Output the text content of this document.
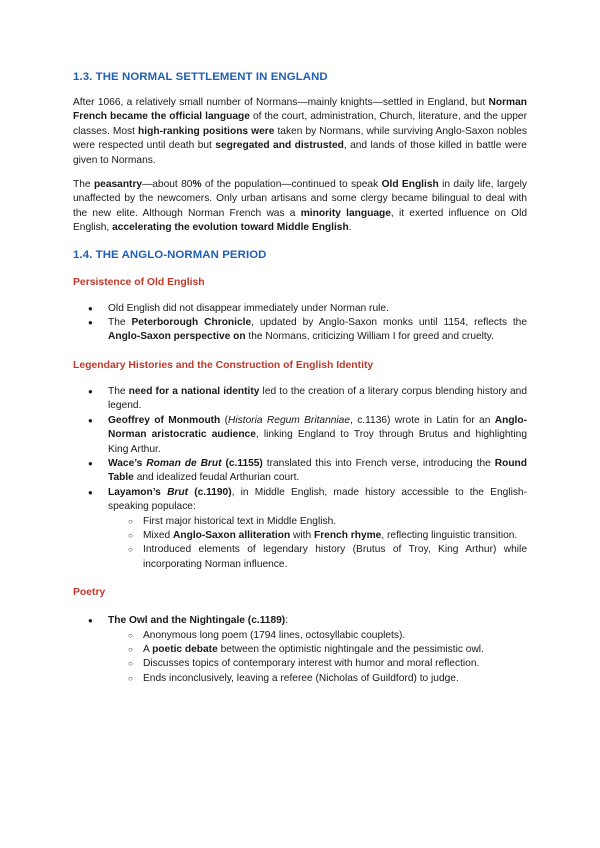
1.3. THE NORMAL SETTLEMENT IN ENGLAND

After 1066, a relatively small number of Normans—mainly knights—settled in England, but Norman French became the official language of the court, administration, Church, literature, and the upper classes. Most high-ranking positions were taken by Normans, while surviving Anglo-Saxon nobles were respected until death but segregated and distrusted, and lands of those killed in battle were given to Normans.

The peasantry—about 80% of the population—continued to speak Old English in daily life, largely unaffected by the newcomers. Only urban artisans and some clergy became bilingual to deal with the new elite. Although Norman French was a minority language, it exerted influence on Old English, accelerating the evolution toward Middle English.

1.4. THE ANGLO-NORMAN PERIOD
Persistence of Old English
● Old English did not disappear immediately under Norman rule.
● The Peterborough Chronicle, updated by Anglo-Saxon monks until 1154, reflects the Anglo-Saxon perspective on the Normans, criticizing William I for greed and cruelty.
Legendary Histories and the Construction of English Identity
● The need for a national identity led to the creation of a literary corpus blending history and legend.
● Geoffrey of Monmouth (Historia Regum Britanniae, c.1136) wrote in Latin for an Anglo-Norman aristocratic audience, linking England to Troy through Brutus and highlighting King Arthur.
● Wace’s Roman de Brut (c.1155) translated this into French verse, introducing the Round Table and idealized feudal Arthurian court.
● Layamon’s Brut (c.1190), in Middle English, made history accessible to the English-speaking populace:
○ First major historical text in Middle English.
○ Mixed Anglo-Saxon alliteration with French rhyme, reflecting linguistic transition.
○ Introduced elements of legendary history (Brutus of Troy, King Arthur) while incorporating Norman influence.
Poetry
● The Owl and the Nightingale (c.1189):
○ Anonymous long poem (1794 lines, octosyllabic couplets).
○ A poetic debate between the optimistic nightingale and the pessimistic owl.
○ Discusses topics of contemporary interest with humor and moral reflection.
○ Ends inconclusively, leaving a referee (Nicholas of Guildford) to judge.
